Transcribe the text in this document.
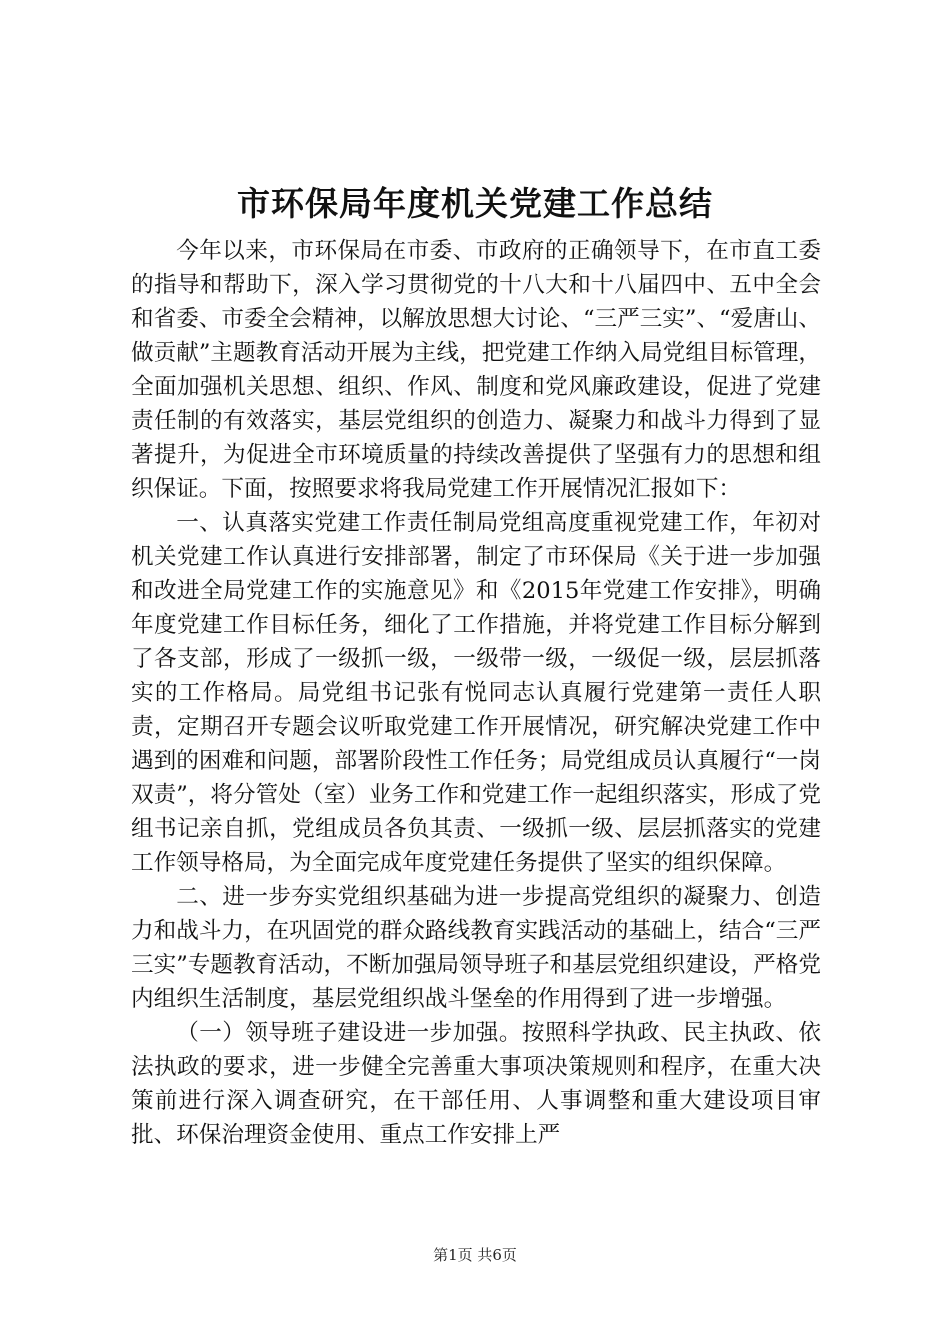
市环保局年度机关党建工作总结

今年以来，市环保局在市委、市政府的正确领导下，在市直工委的指导和帮助下，深入学习贯彻党的十八大和十八届四中、五中全会和省委、市委全会精神，以解放思想大讨论、“三严三实”、“爱唐山、做贡献”主题教育活动开展为主线，把党建工作纳入局党组目标管理，全面加强机关思想、组织、作风、制度和党风廉政建设，促进了党建责任制的有效落实，基层党组织的创造力、凝聚力和战斗力得到了显著提升，为促进全市环境质量的持续改善提供了坚强有力的思想和组织保证。下面，按照要求将我局党建工作开展情况汇报如下：

一、认真落实党建工作责任制局党组高度重视党建工作，年初对机关党建工作认真进行安排部署，制定了市环保局《关于进一步加强和改进全局党建工作的实施意见》和《2015年党建工作安排》，明确年度党建工作目标任务，细化了工作措施，并将党建工作目标分解到了各支部，形成了一级抓一级，一级带一级，一级促一级，层层抓落实的工作格局。局党组书记张有悦同志认真履行党建第一责任人职责，定期召开专题会议听取党建工作开展情况，研究解决党建工作中遇到的困难和问题，部署阶段性工作任务；局党组成员认真履行“一岗双责”，将分管处（室）业务工作和党建工作一起组织落实，形成了党组书记亲自抓，党组成员各负其责、一级抓一级、层层抓落实的党建工作领导格局，为全面完成年度党建任务提供了坚实的组织保障。

二、进一步夯实党组织基础为进一步提高党组织的凝聚力、创造力和战斗力，在巩固党的群众路线教育实践活动的基础上，结合“三严三实”专题教育活动，不断加强局领导班子和基层党组织建设，严格党内组织生活制度，基层党组织战斗堡垒的作用得到了进一步增强。

（一）领导班子建设进一步加强。按照科学执政、民主执政、依法执政的要求，进一步健全完善重大事项决策规则和程序，在重大决策前进行深入调查研究，在干部任用、人事调整和重大建设项目审批、环保治理资金使用、重点工作安排上严

第1页 共6页
